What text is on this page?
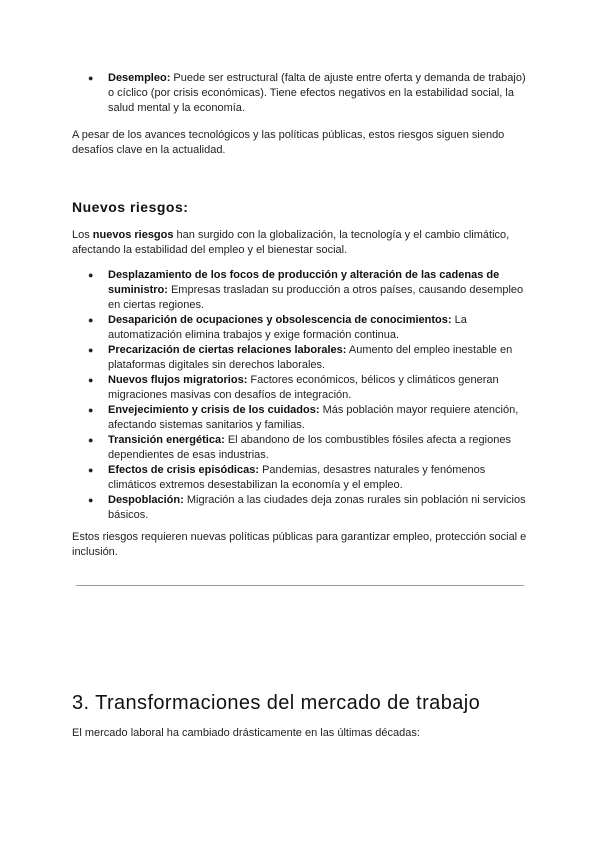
● Desempleo: Puede ser estructural (falta de ajuste entre oferta y demanda de trabajo) o cíclico (por crisis económicas). Tiene efectos negativos en la estabilidad social, la salud mental y la economía.

A pesar de los avances tecnológicos y las políticas públicas, estos riesgos siguen siendo desafíos clave en la actualidad.

Nuevos riesgos:

Los nuevos riesgos han surgido con la globalización, la tecnología y el cambio climático, afectando la estabilidad del empleo y el bienestar social.

● Desplazamiento de los focos de producción y alteración de las cadenas de suministro: Empresas trasladan su producción a otros países, causando desempleo en ciertas regiones.
● Desaparición de ocupaciones y obsolescencia de conocimientos: La automatización elimina trabajos y exige formación continua.
● Precarización de ciertas relaciones laborales: Aumento del empleo inestable en plataformas digitales sin derechos laborales.
● Nuevos flujos migratorios: Factores económicos, bélicos y climáticos generan migraciones masivas con desafíos de integración.
● Envejecimiento y crisis de los cuidados: Más población mayor requiere atención, afectando sistemas sanitarios y familias.
● Transición energética: El abandono de los combustibles fósiles afecta a regiones dependientes de esas industrias.
● Efectos de crisis episódicas: Pandemias, desastres naturales y fenómenos climáticos extremos desestabilizan la economía y el empleo.
● Despoblación: Migración a las ciudades deja zonas rurales sin población ni servicios básicos.

Estos riesgos requieren nuevas políticas públicas para garantizar empleo, protección social e inclusión.

3. Transformaciones del mercado de trabajo

El mercado laboral ha cambiado drásticamente en las últimas décadas:
